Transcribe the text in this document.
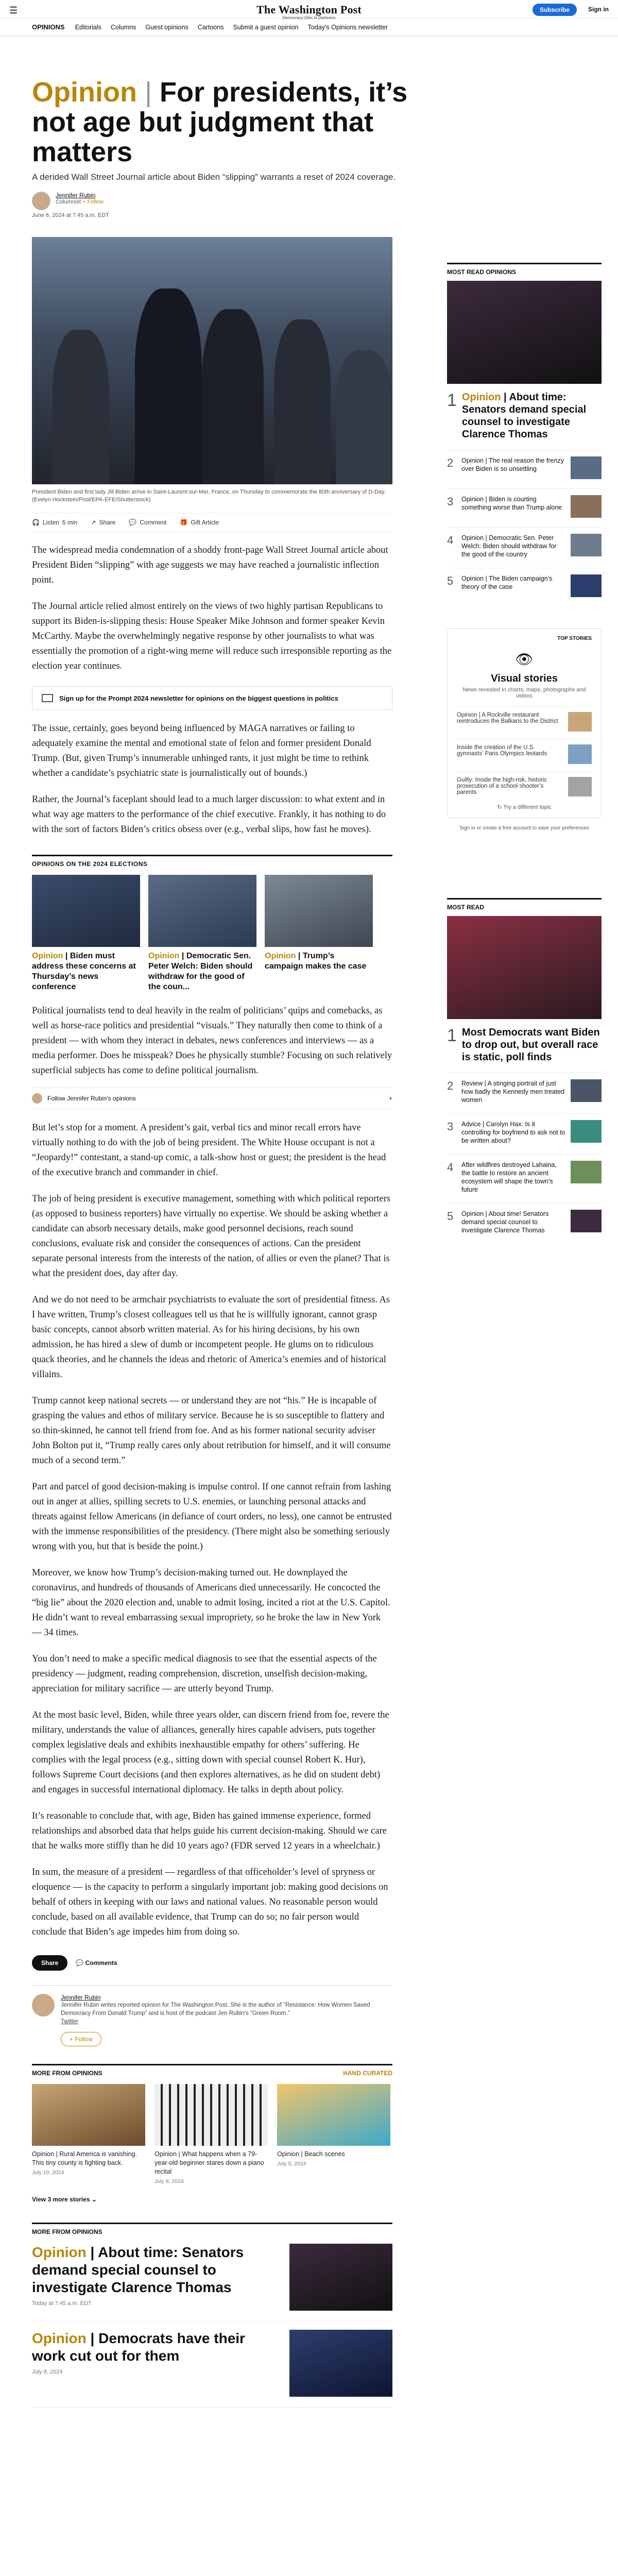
☰	The Washington Post
Democracy Dies in Darkness
Subscribe	Sign in
OPINIONS Editorials Columns Guest opinions Cartoons Submit a guest opinion Today's Opinions newsletter
Opinion | For presidents, it’s not age but judgment that matters
A derided Wall Street Journal article about Biden “slipping” warrants a reset of 2024 coverage.
Jennifer Rubin
Columnist + Follow
June 6, 2024 at 7:45 a.m. EDT
President Biden and first lady Jill Biden arrive in Saint-Laurent-sur-Mer, France, on Thursday to commemorate the 80th anniversary of D-Day. (Evelyn Hockstein/Pool/EPA-EFE/Shutterstock)
🎧 Listen 5 min ↗ Share 💬 Comment 🎁 Gift Article

The widespread media condemnation of a shoddy front-page Wall Street Journal article about President Biden “slipping” with age suggests we may have reached a journalistic inflection point.

The Journal article relied almost entirely on the views of two highly partisan Republicans to support its Biden-is-slipping thesis: House Speaker Mike Johnson and former speaker Kevin McCarthy. Maybe the overwhelmingly negative response by other journalists to what was essentially the promotion of a right-wing meme will reduce such irresponsible reporting as the election year continues.

Sign up for the Prompt 2024 newsletter for opinions on the biggest questions in politics

The issue, certainly, goes beyond being influenced by MAGA narratives or failing to adequately examine the mental and emotional state of felon and former president Donald Trump. (But, given Trump’s innumerable unhinged rants, it just might be time to rethink whether a candidate’s psychiatric state is journalistically out of bounds.)

Rather, the Journal’s faceplant should lead to a much larger discussion: to what extent and in what way age matters to the performance of the chief executive. Frankly, it has nothing to do with the sort of factors Biden’s critics obsess over (e.g., verbal slips, how fast he moves).

OPINIONS ON THE 2024 ELECTIONS
Opinion | Biden must address these concerns at Thursday’s news conference
Opinion | Democratic Sen. Peter Welch: Biden should withdraw for the good of the coun...
Opinion | Trump’s campaign makes the case

Political journalists tend to deal heavily in the realm of politicians’ quips and comebacks, as well as horse-race politics and presidential “visuals.” They naturally then come to think of a president — with whom they interact in debates, news conferences and interviews — as a media performer. Does he misspeak? Does he physically stumble? Focusing on such relatively superficial subjects has come to define political journalism.

Follow Jennifer Rubin's opinions	+

But let’s stop for a moment. A president’s gait, verbal tics and minor recall errors have virtually nothing to do with the job of being president. The White House occupant is not a “Jeopardy!” contestant, a stand-up comic, a talk-show host or guest; the president is the head of the executive branch and commander in chief.

The job of being president is executive management, something with which political reporters (as opposed to business reporters) have virtually no expertise. We should be asking whether a candidate can absorb necessary details, make good personnel decisions, reach sound conclusions, evaluate risk and consider the consequences of actions. Can the president separate personal interests from the interests of the nation, of allies or even the planet? That is what the president does, day after day.

And we do not need to be armchair psychiatrists to evaluate the sort of presidential fitness. As I have written, Trump’s closest colleagues tell us that he is willfully ignorant, cannot grasp basic concepts, cannot absorb written material. As for his hiring decisions, by his own admission, he has hired a slew of dumb or incompetent people. He glums on to ridiculous quack theories, and he channels the ideas and rhetoric of America’s enemies and of historical villains.

Trump cannot keep national secrets — or understand they are not “his.” He is incapable of grasping the values and ethos of military service. Because he is so susceptible to flattery and so thin-skinned, he cannot tell friend from foe. And as his former national security adviser John Bolton put it, “Trump really cares only about retribution for himself, and it will consume much of a second term.”

Part and parcel of good decision-making is impulse control. If one cannot refrain from lashing out in anger at allies, spilling secrets to U.S. enemies, or launching personal attacks and threats against fellow Americans (in defiance of court orders, no less), one cannot be entrusted with the immense responsibilities of the presidency. (There might also be something seriously wrong with you, but that is beside the point.)

Moreover, we know how Trump’s decision-making turned out. He downplayed the coronavirus, and hundreds of thousands of Americans died unnecessarily. He concocted the “big lie” about the 2020 election and, unable to admit losing, incited a riot at the U.S. Capitol. He didn’t want to reveal embarrassing sexual impropriety, so he broke the law in New York — 34 times.

You don’t need to make a specific medical diagnosis to see that the essential aspects of the presidency — judgment, reading comprehension, discretion, unselfish decision-making, appreciation for military sacrifice — are utterly beyond Trump.

At the most basic level, Biden, while three years older, can discern friend from foe, revere the military, understands the value of alliances, generally hires capable advisers, puts together complex legislative deals and exhibits inexhaustible empathy for others’ suffering. He complies with the legal process (e.g., sitting down with special counsel Robert K. Hur), follows Supreme Court decisions (and then explores alternatives, as he did on student debt) and engages in successful international diplomacy. He talks in depth about policy.

It’s reasonable to conclude that, with age, Biden has gained immense experience, formed relationships and absorbed data that helps guide his current decision-making. Should we care that he walks more stiffly than he did 10 years ago? (FDR served 12 years in a wheelchair.)

In sum, the measure of a president — regardless of that officeholder’s level of spryness or eloquence — is the capacity to perform a singularly important job: making good decisions on behalf of others in keeping with our laws and national values. No reasonable person would conclude, based on all available evidence, that Trump can do so; no fair person would conclude that Biden’s age impedes him from doing so.

Share	💬 Comments
Jennifer Rubin
Jennifer Rubin writes reported opinion for The Washington Post. She is the author of “Resistance: How Women Saved Democracy From Donald Trump” and is host of the podcast Jen Rubin’s “Green Room.”
Twitter
+ Follow
MORE FROM OPINIONS	HAND CURATED
Opinion | Rural America is vanishing. This tiny county is fighting back.
July 10, 2024
Opinion | What happens when a 79-year-old beginner stares down a piano recital
July 9, 2024
Opinion | Beach scenes
July 5, 2024
View 3 more stories ⌄
MORE FROM OPINIONS
Opinion | About time: Senators demand special counsel to investigate Clarence Thomas
Today at 7:45 a.m. EDT
Opinion | Democrats have their work cut out for them
July 8, 2024
MOST READ OPINIONS
1 Opinion | About time: Senators demand special counsel to investigate Clarence Thomas
2	Opinion | The real reason the frenzy over Biden is so unsettling
3	Opinion | Biden is courting something worse than Trump alone
4	Opinion | Democratic Sen. Peter Welch: Biden should withdraw for the good of the country
5	Opinion | The Biden campaign’s theory of the case
TOP STORIES
👁
Visual stories
News revealed in charts, maps, photographs and videos
Opinion | A Rockville restaurant reintroduces the Balkans to the District
Inside the creation of the U.S. gymnasts’ Paris Olympics leotards
Guilty: Inside the high-risk, historic prosecution of a school shooter’s parents
↻ Try a different topic
Sign in or create a free account to save your preferences
MOST READ
1 Most Democrats want Biden to drop out, but overall race is static, poll finds
2	Review | A stinging portrait of just how badly the Kennedy men treated women
3	Advice | Carolyn Hax: Is it controlling for boyfriend to ask not to be written about?
4	After wildfires destroyed Lahaina, the battle to restore an ancient ecosystem will shape the town’s future
5	Opinion | About time! Senators demand special counsel to investigate Clarence Thomas
